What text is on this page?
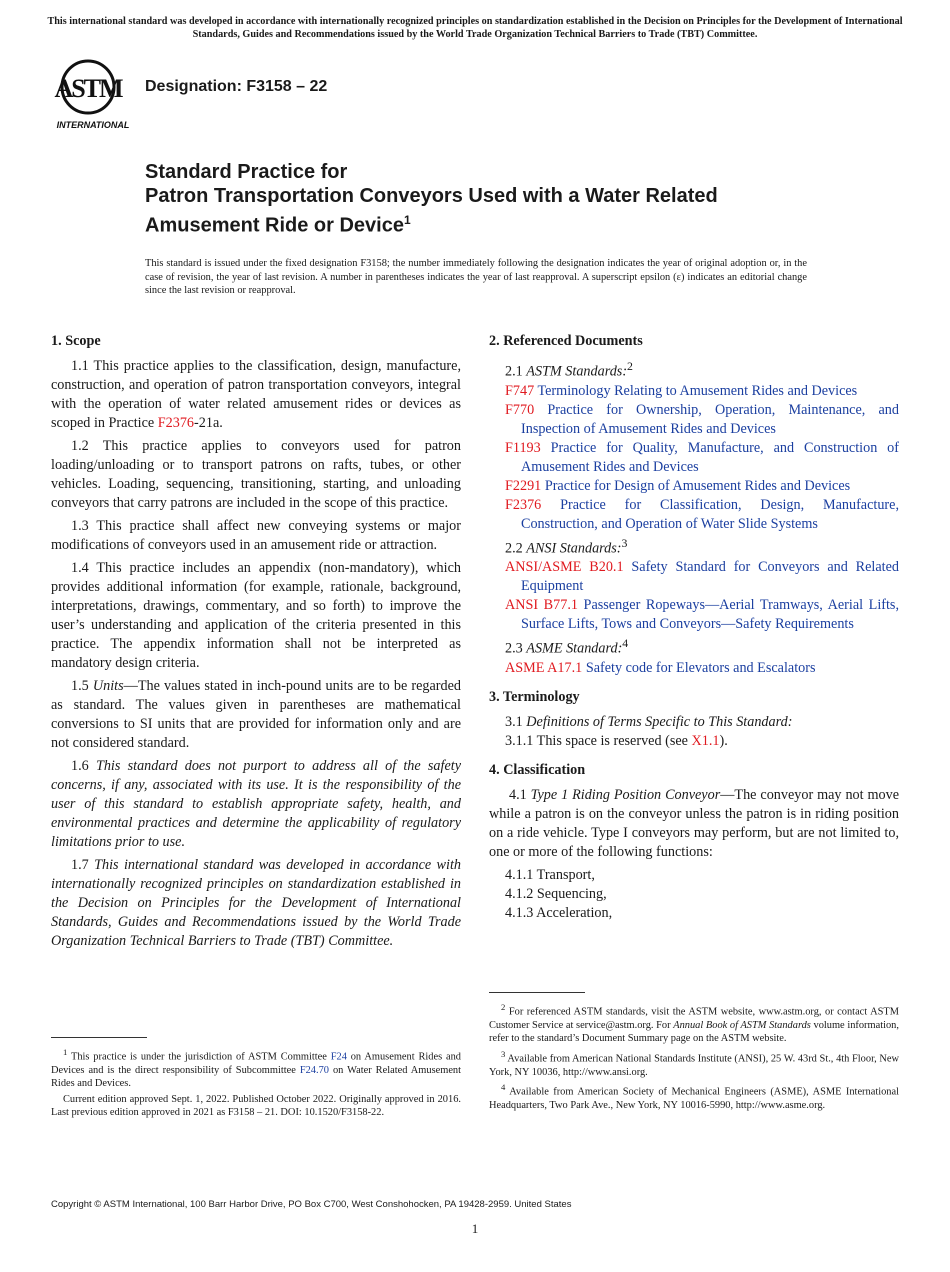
This international standard was developed in accordance with internationally recognized principles on standardization established in the Decision on Principles for the Development of International Standards, Guides and Recommendations issued by the World Trade Organization Technical Barriers to Trade (TBT) Committee.
ASTM
INTERNATIONAL
Designation: F3158 – 22
Standard Practice for
Patron Transportation Conveyors Used with a Water Related
Amusement Ride or Device$^1$
This standard is issued under the fixed designation F3158; the number immediately following the designation indicates the year of original adoption or, in the case of revision, the year of last revision. A number in parentheses indicates the year of last reapproval. A superscript epsilon (ε) indicates an editorial change since the last revision or reapproval.
1. Scope
1.1 This practice applies to the classification, design, manufacture, construction, and operation of patron transportation conveyors, integral with the operation of water related amusement rides or devices as scoped in Practice F2376-21a.
1.2 This practice applies to conveyors used for patron loading/unloading or to transport patrons on rafts, tubes, or other vehicles. Loading, sequencing, transitioning, starting, and unloading conveyors that carry patrons are included in the scope of this practice.
1.3 This practice shall affect new conveying systems or major modifications of conveyors used in an amusement ride or attraction.
1.4 This practice includes an appendix (non-mandatory), which provides additional information (for example, rationale, background, interpretations, drawings, commentary, and so forth) to improve the user’s understanding and application of the criteria presented in this practice. The appendix information shall not be interpreted as mandatory design criteria.
1.5 Units—The values stated in inch-pound units are to be regarded as standard. The values given in parentheses are mathematical conversions to SI units that are provided for information only and are not considered standard.
1.6 This standard does not purport to address all of the safety concerns, if any, associated with its use. It is the responsibility of the user of this standard to establish appropriate safety, health, and environmental practices and determine the applicability of regulatory limitations prior to use.
1.7 This international standard was developed in accordance with internationally recognized principles on standardization established in the Decision on Principles for the Development of International Standards, Guides and Recommendations issued by the World Trade Organization Technical Barriers to Trade (TBT) Committee.

$^1$ This practice is under the jurisdiction of ASTM Committee F24 on Amusement Rides and Devices and is the direct responsibility of Subcommittee F24.70 on Water Related Amusement Rides and Devices.

Current edition approved Sept. 1, 2022. Published October 2022. Originally approved in 2016. Last previous edition approved in 2021 as F3158 – 21. DOI: 10.1520/F3158-22.

2. Referenced Documents
2.1 ASTM Standards:$^2$
F747 Terminology Relating to Amusement Rides and Devices
F770 Practice for Ownership, Operation, Maintenance, and Inspection of Amusement Rides and Devices
F1193 Practice for Quality, Manufacture, and Construction of Amusement Rides and Devices
F2291 Practice for Design of Amusement Rides and Devices
F2376 Practice for Classification, Design, Manufacture, Construction, and Operation of Water Slide Systems
2.2 ANSI Standards:$^3$
ANSI/ASME B20.1 Safety Standard for Conveyors and Related Equipment
ANSI B77.1 Passenger Ropeways—Aerial Tramways, Aerial Lifts, Surface Lifts, Tows and Conveyors—Safety Requirements
2.3 ASME Standard:$^4$
ASME A17.1 Safety code for Elevators and Escalators
3. Terminology
3.1 Definitions of Terms Specific to This Standard:
3.1.1 This space is reserved (see X1.1).
4. Classification
4.1 Type 1 Riding Position Conveyor—The conveyor may not move while a patron is on the conveyor unless the patron is in riding position on a ride vehicle. Type I conveyors may perform, but are not limited to, one or more of the following functions:
4.1.1 Transport,
4.1.2 Sequencing,
4.1.3 Acceleration,

$^2$ For referenced ASTM standards, visit the ASTM website, www.astm.org, or contact ASTM Customer Service at service@astm.org. For Annual Book of ASTM Standards volume information, refer to the standard’s Document Summary page on the ASTM website.

$^3$ Available from American National Standards Institute (ANSI), 25 W. 43rd St., 4th Floor, New York, NY 10036, http://www.ansi.org.

$^4$ Available from American Society of Mechanical Engineers (ASME), ASME International Headquarters, Two Park Ave., New York, NY 10016-5990, http://www.asme.org.

Copyright © ASTM International, 100 Barr Harbor Drive, PO Box C700, West Conshohocken, PA 19428-2959. United States
1
